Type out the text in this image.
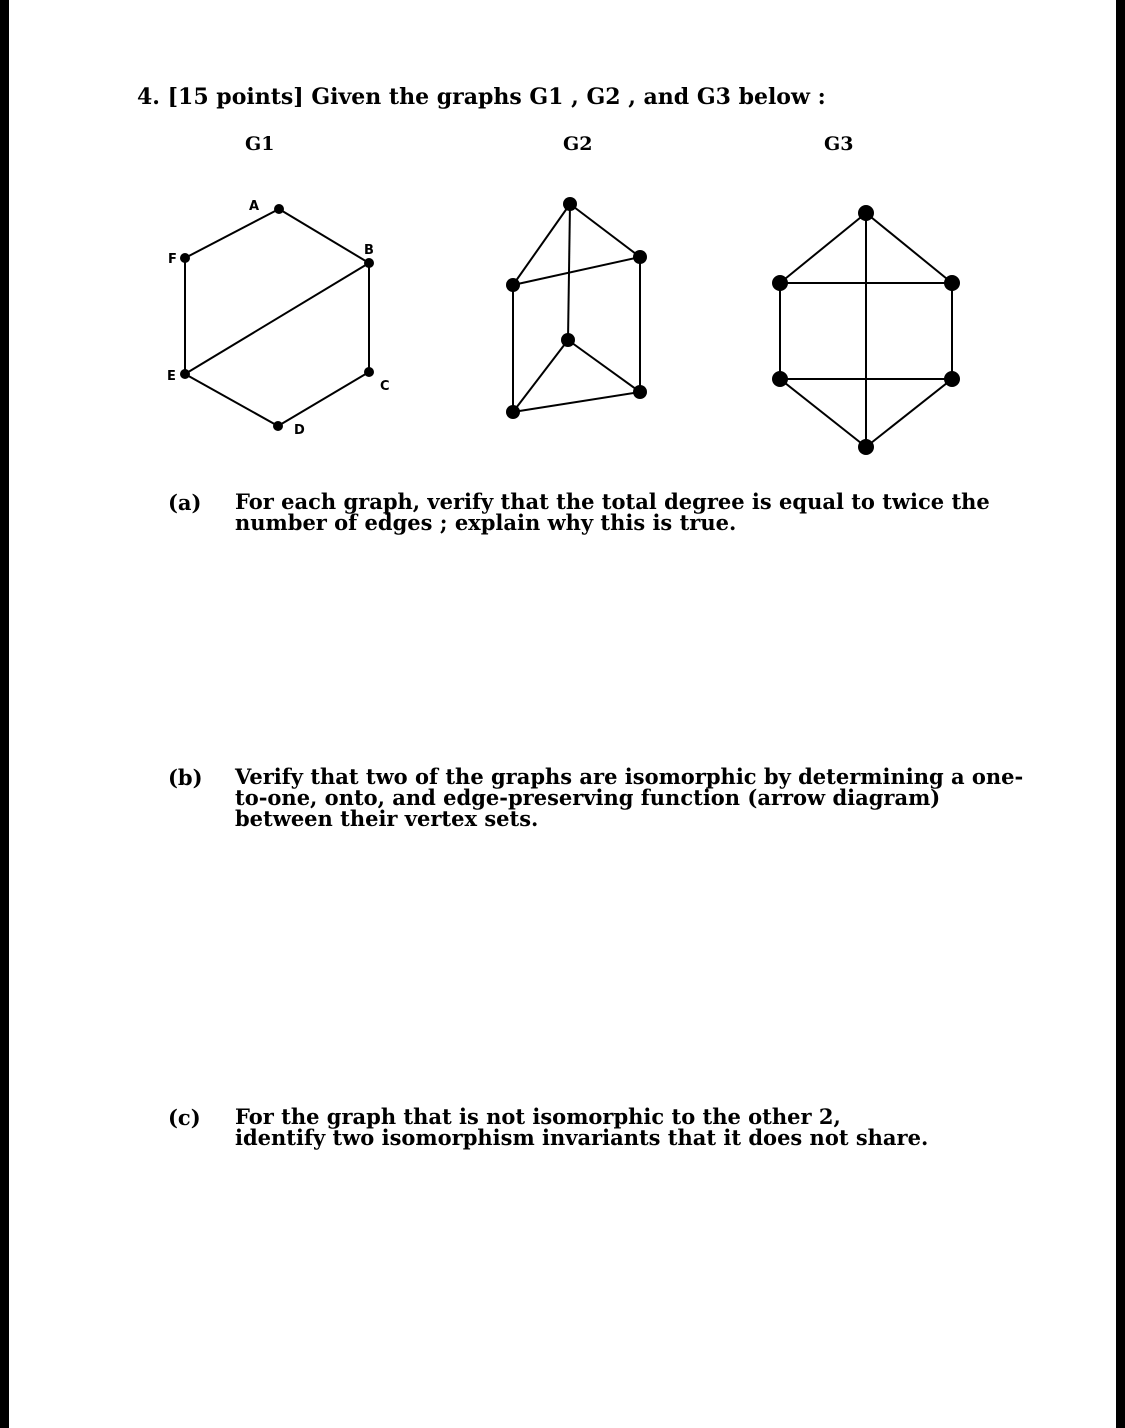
4. [15 points] Given the graphs G1 , G2 , and G3 below :
G1	G2	G3
A
B
C
D
E
F
(a) For each graph, verify that the total degree is equal to twice the number of edges ; explain why this is true.
(b) Verify that two of the graphs are isomorphic by determining a one-to-one, onto, and edge-preserving function (arrow diagram) between their vertex sets.
(c) For the graph that is not isomorphic to the other 2, identify two isomorphism invariants that it does not share.
